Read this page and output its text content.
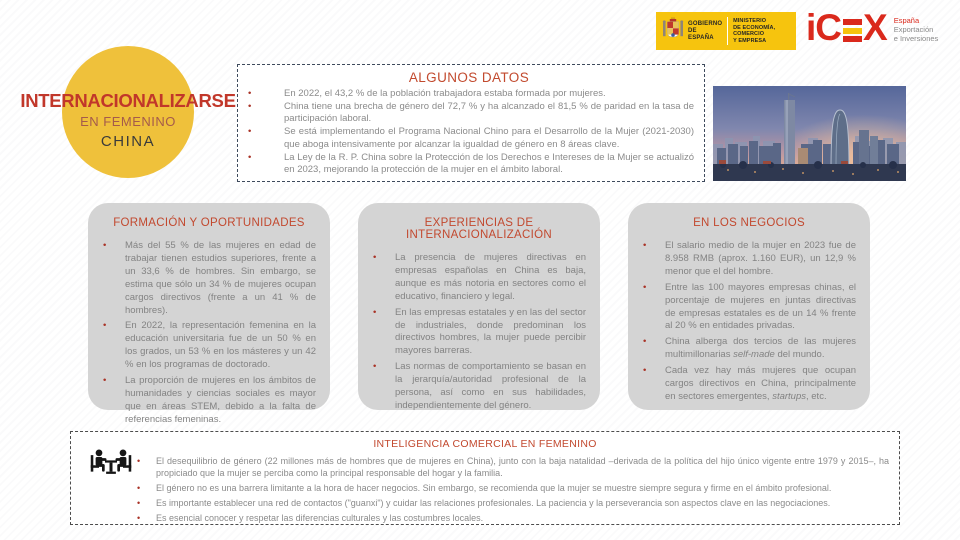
GOBIERNO
DE ESPAÑA
MINISTERIO
DE ECONOMÍA, COMERCIO
Y EMPRESA	i C X España
Exportación
e Inversiones
INTERNACIONALIZARSE
EN FEMENINO
CHINA
ALGUNOS DATOS
•	En 2022, el 43,2 % de la población trabajadora estaba formada por mujeres.
•	China tiene una brecha de género del 72,7 % y ha alcanzado el 81,5 % de paridad en la tasa de participación laboral.
•	Se está implementando el Programa Nacional Chino para el Desarrollo de la Mujer (2021-2030) que aboga intensivamente por alcanzar la igualdad de género en 8 áreas clave.
•	La Ley de la R. P. China sobre la Protección de los Derechos e Intereses de la Mujer se actualizó en 2023, mejorando la protección de la mujer en el ámbito laboral.
FORMACIÓN Y OPORTUNIDADES
•	Más del 55 % de las mujeres en edad de trabajar tienen estudios superiores, frente a un 33,6 % de hombres. Sin embargo, se estima que sólo un 34 % de mujeres ocupan cargos directivos (frente a un 41 % de hombres).
•	En 2022, la representación femenina en la educación universitaria fue de un 50 % en los grados, un 53 % en los másteres y un 42 % en los programas de doctorado.
•	La proporción de mujeres en los ámbitos de humanidades y ciencias sociales es mayor que en áreas STEM, debido a la falta de referencias femeninas.
EXPERIENCIAS DE INTERNACIONALIZACIÓN
•	La presencia de mujeres directivas en empresas españolas en China es baja, aunque es más notoria en sectores como el educativo, financiero y legal.
•	En las empresas estatales y en las del sector de industriales, donde predominan los directivos hombres, la mujer puede percibir mayores barreras.
•	Las normas de comportamiento se basan en la jerarquía/autoridad profesional de la persona, así como en sus habilidades, independientemente del género.
EN LOS NEGOCIOS
•	El salario medio de la mujer en 2023 fue de 8.958 RMB (aprox. 1.160 EUR), un 12,9 % menor que el del hombre.
•	Entre las 100 mayores empresas chinas, el porcentaje de mujeres en juntas directivas de empresas estatales es de un 14 % frente al 20 % en entidades privadas.
•	China alberga dos tercios de las mujeres multimillonarias self-made del mundo.
•	Cada vez hay más mujeres que ocupan cargos directivos en China, principalmente en sectores emergentes, startups, etc.
INTELIGENCIA COMERCIAL EN FEMENINO
•	El desequilibrio de género (22 millones más de hombres que de mujeres en China), junto con la baja natalidad –derivada de la política del hijo único vigente entre 1979 y 2015–, ha propiciado que la mujer se perciba como la principal responsable del hogar y la familia.
•	El género no es una barrera limitante a la hora de hacer negocios. Sin embargo, se recomienda que la mujer se muestre siempre segura y firme en el ámbito profesional.
•	Es importante establecer una red de contactos ("guanxi") y cuidar las relaciones profesionales. La paciencia y la perseverancia son aspectos clave en las negociaciones.
•	Es esencial conocer y respetar las diferencias culturales y las costumbres locales.
